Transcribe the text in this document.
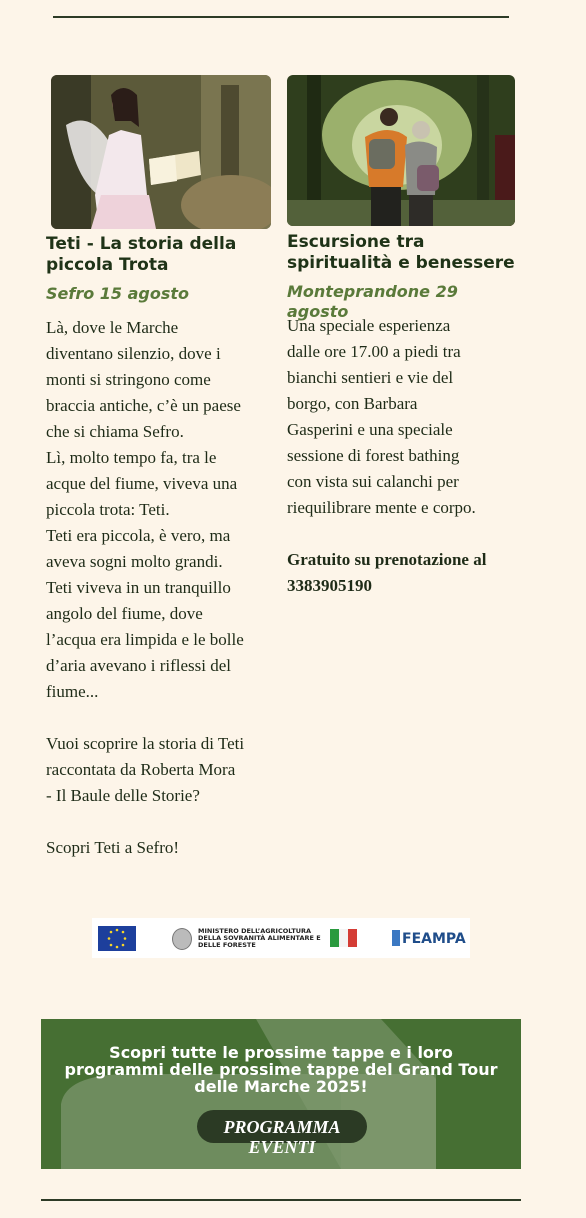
Teti - La storia della piccola Trota
Sefro 15 agosto

Là, dove le Marche

diventano silenzio, dove i

monti si stringono come

braccia antiche, c’è un paese

che si chiama Sefro.

Lì, molto tempo fa, tra le

acque del fiume, viveva una

piccola trota: Teti.

Teti era piccola, è vero, ma

aveva sogni molto grandi.

Teti viveva in un tranquillo

angolo del fiume, dove

l’acqua era limpida e le bolle

d’aria avevano i riflessi del

fiume...

Vuoi scoprire la storia di Teti

raccontata da Roberta Mora

- Il Baule delle Storie?

Scopri Teti a Sefro!

Escursione tra spiritualità e benessere
Monteprandone 29 agosto

Una speciale esperienza

dalle ore 17.00 a piedi tra

bianchi sentieri e vie del

borgo, con Barbara

Gasperini e una speciale

sessione di forest bathing

con vista sui calanchi per

riequilibrare mente e corpo.

Gratuito su prenotazione al 3383905190
MINISTERO DELL’AGRICOLTURA DELLA SOVRANITÀ ALIMENTARE E DELLE FORESTE	FEAMPA
Scopri tutte le prossime tappe e i loro programmi delle prossime tappe del Grand Tour delle Marche 2025!
PROGRAMMA EVENTI
